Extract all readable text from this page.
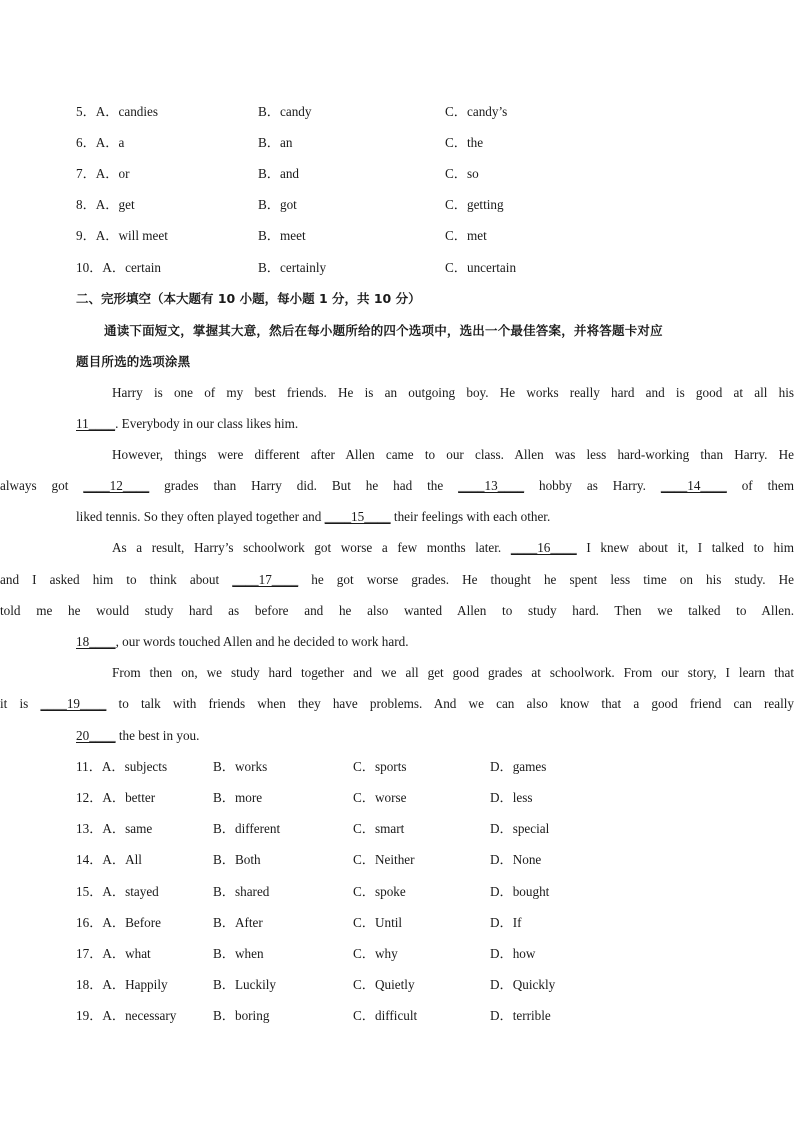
5．A．candies	B．candy	C．candy’s
6．A．a	B．an	C．the
7．A．or	B．and	C．so
8．A．get	B．got	C．getting
9．A．will meet	B．meet	C．met
10．A．certain	B．certainly	C．uncertain
二、完形填空（本大题有 10 小题，每小题 1 分，共 10 分）
通读下面短文，掌握其大意，然后在每小题所给的四个选项中，选出一个最佳答案，并将答题卡对应
题目所选的选项涂黑
Harry is one of my best friends. He is an outgoing boy. He works really hard and is good at all his
11____. Everybody in our class likes him.
However, things were different after Allen came to our class. Allen was less hard-working than Harry. He
always got ____12____ grades than Harry did. But he had the ____13____ hobby as Harry. ____14____ of them
liked tennis. So they often played together and ____15____ their feelings with each other.
As a result, Harry’s schoolwork got worse a few months later. ____16____ I knew about it, I talked to him
and I asked him to think about ____17____ he got worse grades. He thought he spent less time on his study. He
told me he would study hard as before and he also wanted Allen to study hard. Then we talked to Allen.
18____, our words touched Allen and he decided to work hard.
From then on, we study hard together and we all get good grades at schoolwork. From our story, I learn that
it is ____19____ to talk with friends when they have problems. And we can also know that a good friend can really
20____ the best in you.
11．A．subjects	B．works	C．sports	D．games
12．A．better	B．more	C．worse	D．less
13．A．same	B．different	C．smart	D．special
14．A．All	B．Both	C．Neither	D．None
15．A．stayed	B．shared	C．spoke	D．bought
16．A．Before	B．After	C．Until	D．If
17．A．what	B．when	C．why	D．how
18．A．Happily	B．Luckily	C．Quietly	D．Quickly
19．A．necessary	B．boring	C．difficult	D．terrible
